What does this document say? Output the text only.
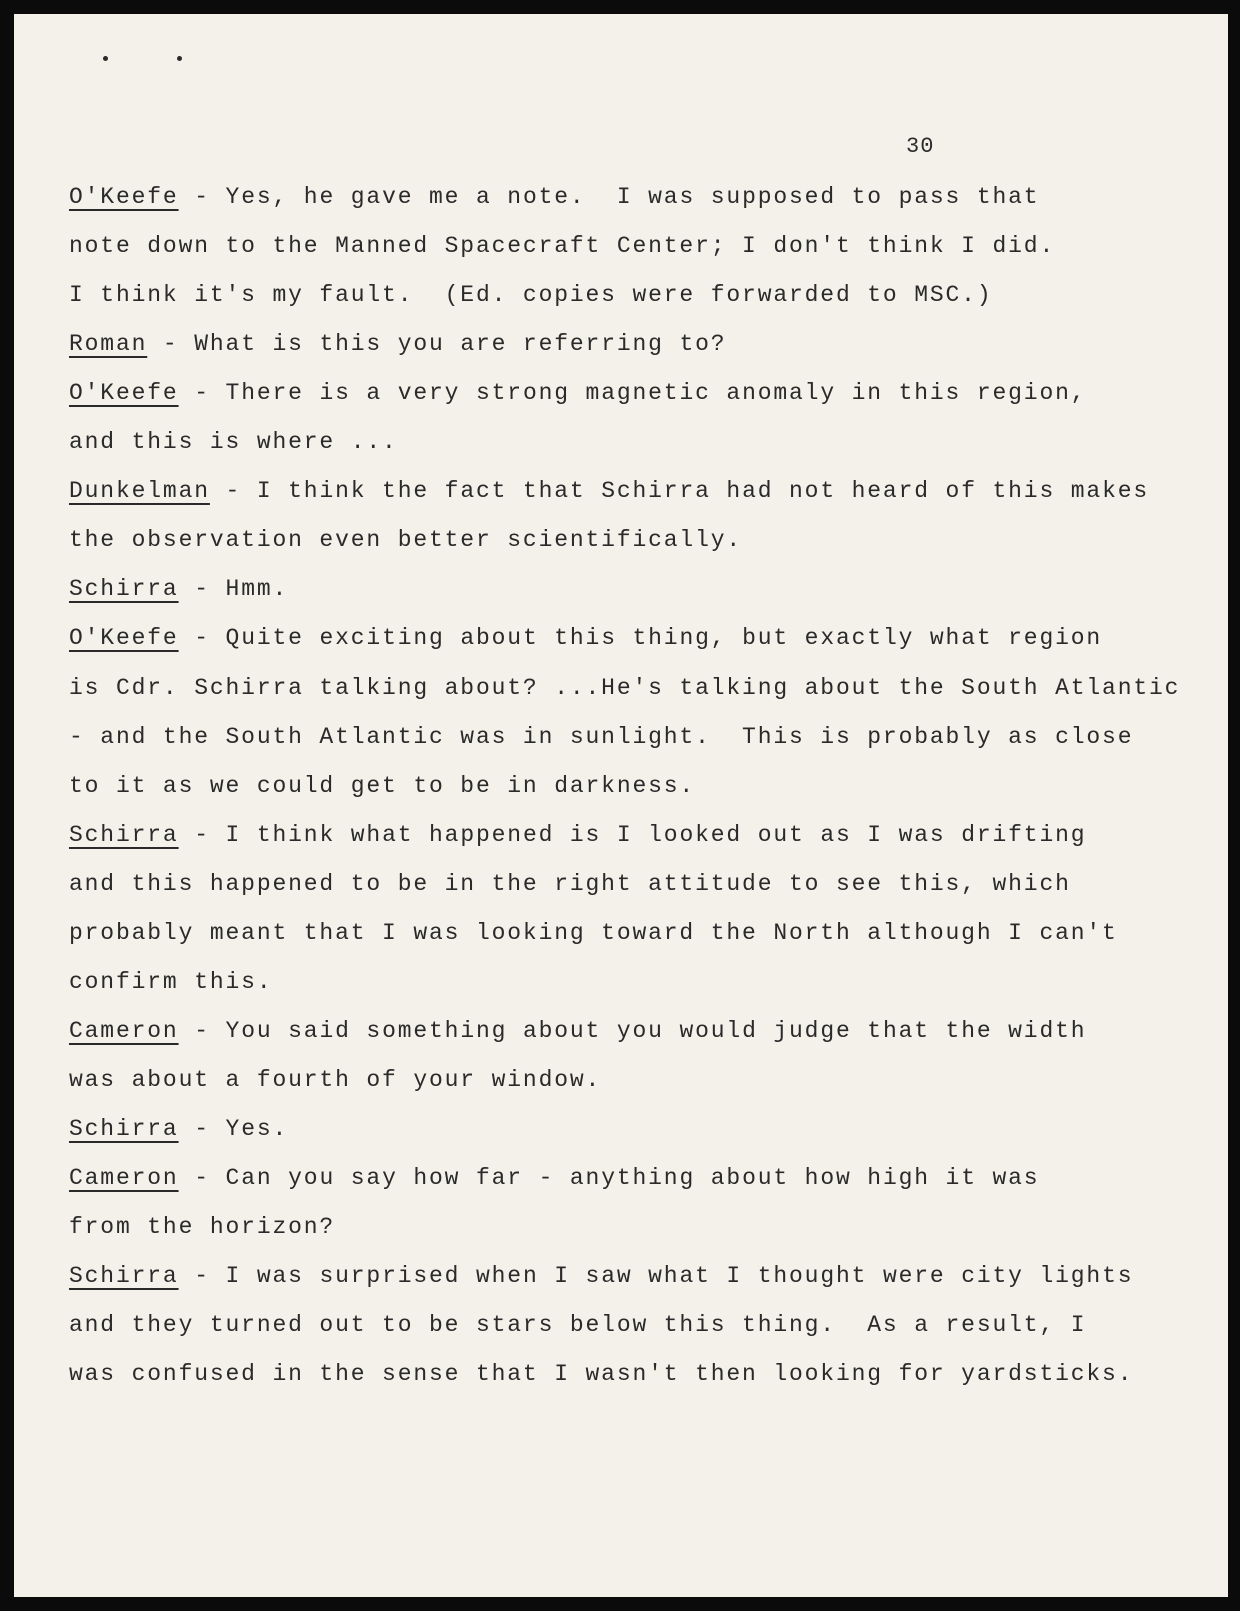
30
O'Keefe - Yes, he gave me a note.  I was supposed to pass that
note down to the Manned Spacecraft Center; I don't think I did.
I think it's my fault.  (Ed. copies were forwarded to MSC.)
Roman - What is this you are referring to?
O'Keefe - There is a very strong magnetic anomaly in this region,
and this is where ...
Dunkelman - I think the fact that Schirra had not heard of this makes
the observation even better scientifically.
Schirra - Hmm.
O'Keefe - Quite exciting about this thing, but exactly what region
is Cdr. Schirra talking about? ...He's talking about the South Atlantic
- and the South Atlantic was in sunlight.  This is probably as close
to it as we could get to be in darkness.
Schirra - I think what happened is I looked out as I was drifting
and this happened to be in the right attitude to see this, which
probably meant that I was looking toward the North although I can't
confirm this.
Cameron - You said something about you would judge that the width
was about a fourth of your window.
Schirra - Yes.
Cameron - Can you say how far - anything about how high it was
from the horizon?
Schirra - I was surprised when I saw what I thought were city lights
and they turned out to be stars below this thing.  As a result, I
was confused in the sense that I wasn't then looking for yardsticks.
